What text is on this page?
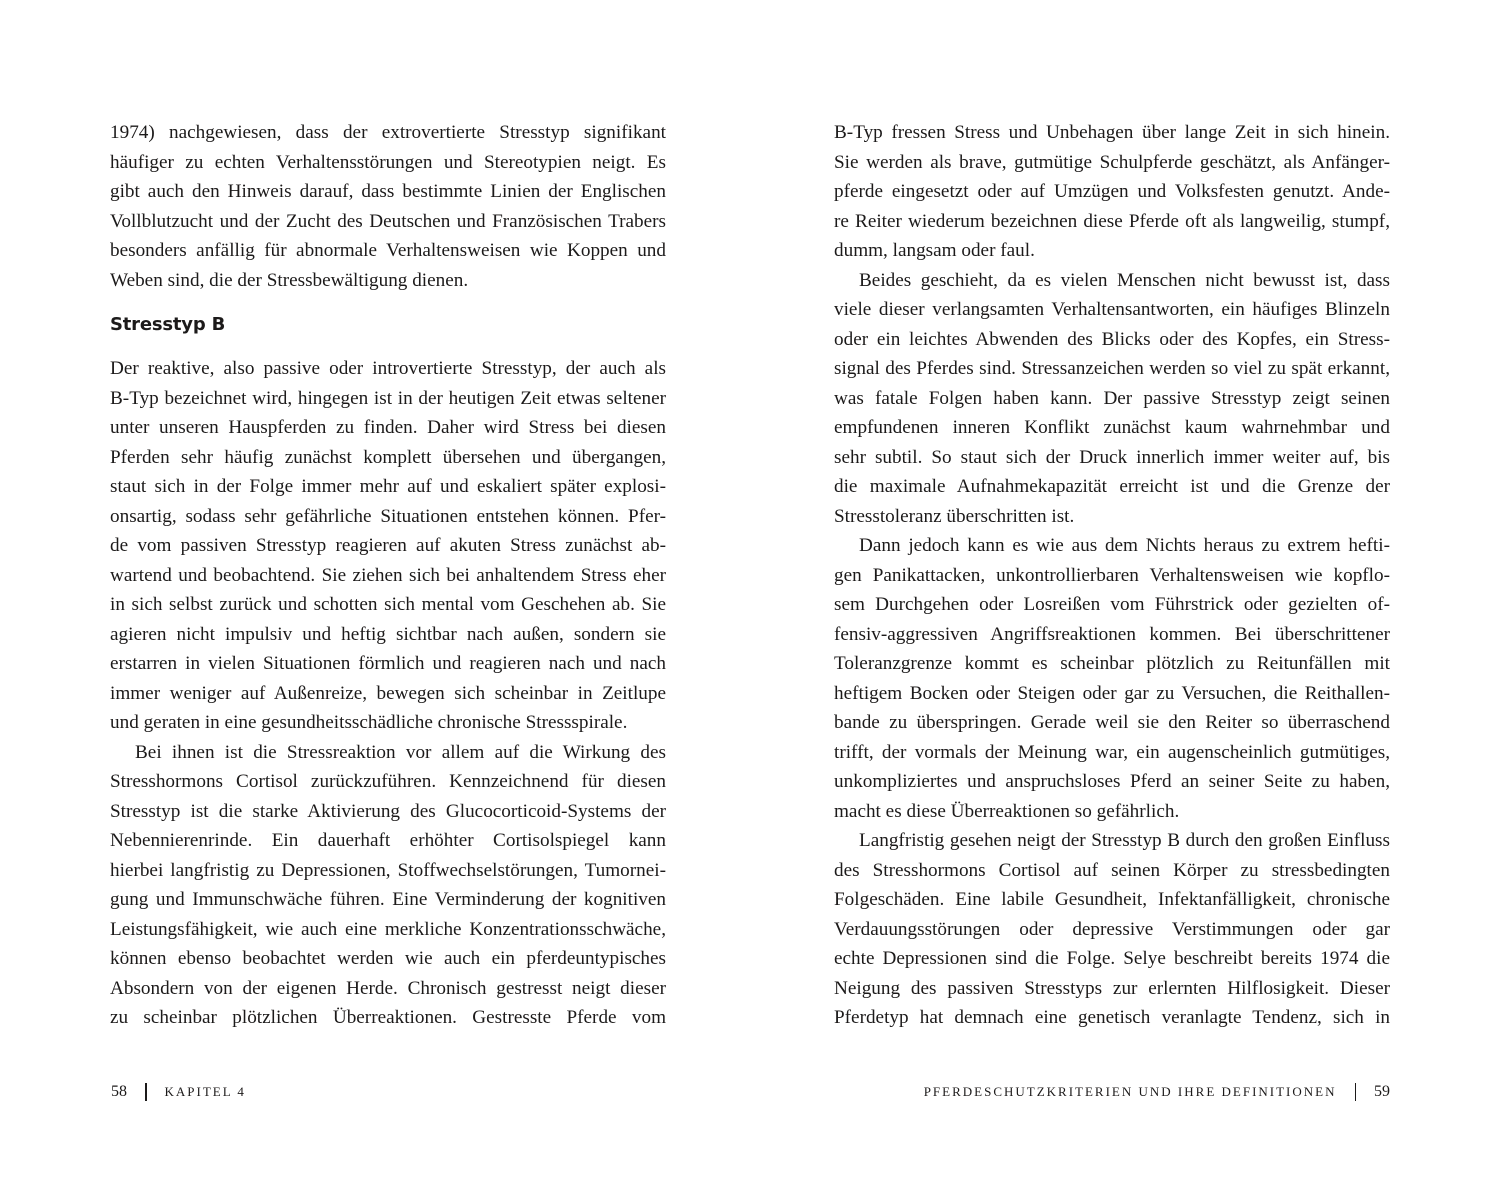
1974) nachgewiesen, dass der extrovertierte Stresstyp signifikant
häufiger zu echten Verhaltensstörungen und Stereotypien neigt. Es
gibt auch den Hinweis darauf, dass bestimmte Linien der Englischen
Vollblutzucht und der Zucht des Deutschen und Französischen Trabers
besonders anfällig für abnormale Verhaltensweisen wie Koppen und
Weben sind, die der Stressbewältigung dienen.
Stresstyp B
Der reaktive, also passive oder introvertierte Stresstyp, der auch als
B-Typ bezeichnet wird, hingegen ist in der heutigen Zeit etwas seltener
unter unseren Hauspferden zu finden. Daher wird Stress bei diesen
Pferden sehr häufig zunächst komplett übersehen und übergangen,
staut sich in der Folge immer mehr auf und eskaliert später explosi-
onsartig, sodass sehr gefährliche Situationen entstehen können. Pfer-
de vom passiven Stresstyp reagieren auf akuten Stress zunächst ab-
wartend und beobachtend. Sie ziehen sich bei anhaltendem Stress eher
in sich selbst zurück und schotten sich mental vom Geschehen ab. Sie
agieren nicht impulsiv und heftig sichtbar nach außen, sondern sie
erstarren in vielen Situationen förmlich und reagieren nach und nach
immer weniger auf Außenreize, bewegen sich scheinbar in Zeitlupe
und geraten in eine gesundheitsschädliche chronische Stressspirale.
Bei ihnen ist die Stressreaktion vor allem auf die Wirkung des
Stresshormons Cortisol zurückzuführen. Kennzeichnend für diesen
Stresstyp ist die starke Aktivierung des Glucocorticoid-Systems der
Nebennierenrinde. Ein dauerhaft erhöhter Cortisolspiegel kann
hierbei langfristig zu Depressionen, Stoffwechselstörungen, Tumornei-
gung und Immunschwäche führen. Eine Verminderung der kognitiven
Leistungsfähigkeit, wie auch eine merkliche Konzentrationsschwäche,
können ebenso beobachtet werden wie auch ein pferdeuntypisches
Absondern von der eigenen Herde. Chronisch gestresst neigt dieser
zu scheinbar plötzlichen Überreaktionen. Gestresste Pferde vom
58	KAPITEL 4
B-Typ fressen Stress und Unbehagen über lange Zeit in sich hinein.
Sie werden als brave, gutmütige Schulpferde geschätzt, als Anfänger-
pferde eingesetzt oder auf Umzügen und Volksfesten genutzt. Ande-
re Reiter wiederum bezeichnen diese Pferde oft als langweilig, stumpf,
dumm, langsam oder faul.
Beides geschieht, da es vielen Menschen nicht bewusst ist, dass
viele dieser verlangsamten Verhaltensantworten, ein häufiges Blinzeln
oder ein leichtes Abwenden des Blicks oder des Kopfes, ein Stress-
signal des Pferdes sind. Stressanzeichen werden so viel zu spät erkannt,
was fatale Folgen haben kann. Der passive Stresstyp zeigt seinen
empfundenen inneren Konflikt zunächst kaum wahrnehmbar und
sehr subtil. So staut sich der Druck innerlich immer weiter auf, bis
die maximale Aufnahmekapazität erreicht ist und die Grenze der
Stresstoleranz überschritten ist.
Dann jedoch kann es wie aus dem Nichts heraus zu extrem hefti-
gen Panikattacken, unkontrollierbaren Verhaltensweisen wie kopflo-
sem Durchgehen oder Losreißen vom Führstrick oder gezielten of-
fensiv-aggressiven Angriffsreaktionen kommen. Bei überschrittener
Toleranzgrenze kommt es scheinbar plötzlich zu Reitunfällen mit
heftigem Bocken oder Steigen oder gar zu Versuchen, die Reithallen-
bande zu überspringen. Gerade weil sie den Reiter so überraschend
trifft, der vormals der Meinung war, ein augenscheinlich gutmütiges,
unkompliziertes und anspruchsloses Pferd an seiner Seite zu haben,
macht es diese Überreaktionen so gefährlich.
Langfristig gesehen neigt der Stresstyp B durch den großen Einfluss
des Stresshormons Cortisol auf seinen Körper zu stressbedingten
Folgeschäden. Eine labile Gesundheit, Infektanfälligkeit, chronische
Verdauungsstörungen oder depressive Verstimmungen oder gar
echte Depressionen sind die Folge. Selye beschreibt bereits 1974 die
Neigung des passiven Stresstyps zur erlernten Hilflosigkeit. Dieser
Pferdetyp hat demnach eine genetisch veranlagte Tendenz, sich in
PFERDESCHUTZKRITERIEN UND IHRE DEFINITIONEN 59
